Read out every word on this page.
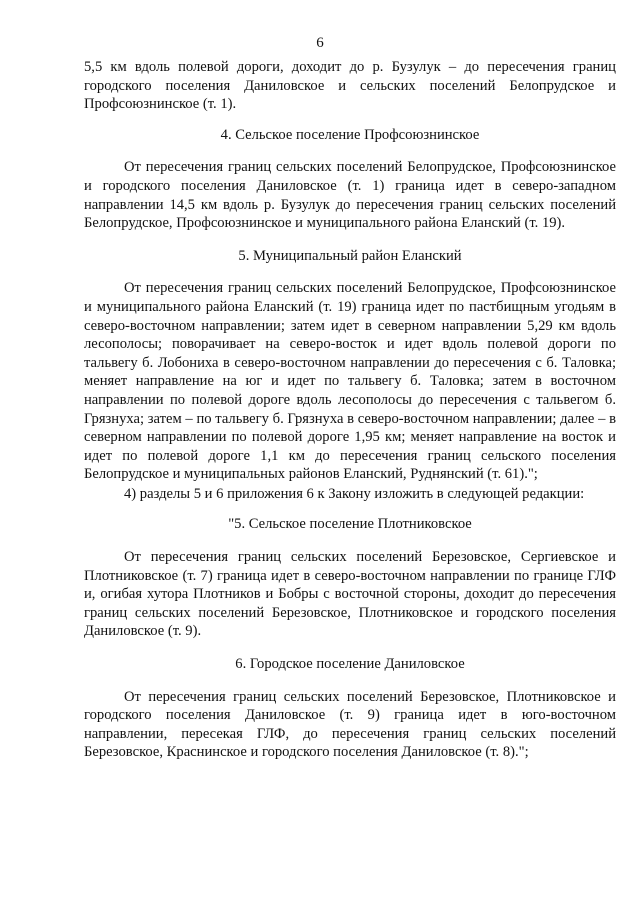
6

5,5 км вдоль полевой дороги, доходит до р. Бузулук – до пересечения границ городского поселения Даниловское и сельских поселений Белопрудское и Профсоюзнинское (т. 1).

4. Сельское поселение Профсоюзнинское

От пересечения границ сельских поселений Белопрудское, Профсоюзнинское и городского поселения Даниловское (т. 1) граница идет в северо-западном направлении 14,5 км вдоль р. Бузулук до пересечения границ сельских поселений Белопрудское, Профсоюзнинское и муниципального района Еланский (т. 19).

5. Муниципальный район Еланский

От пересечения границ сельских поселений Белопрудское, Профсоюзнинское и муниципального района Еланский (т. 19) граница идет по пастбищным угодьям в северо-восточном направлении; затем идет в северном направлении 5,29 км вдоль лесополосы; поворачивает на северо-восток и идет вдоль полевой дороги по тальвегу б. Лобониха в северо-восточном направлении до пересечения с б. Таловка; меняет направление на юг и идет по тальвегу б. Таловка; затем в восточном направлении по полевой дороге вдоль лесополосы до пересечения с тальвегом б. Грязнуха; затем – по тальвегу б. Грязнуха в северо-восточном направлении; далее – в северном направлении по полевой дороге 1,95 км; меняет направление на восток и идет по полевой дороге 1,1 км до пересечения границ сельского поселения Белопрудское и муниципальных районов Еланский, Руднянский (т. 61).";

4) разделы 5 и 6 приложения 6 к Закону изложить в следующей редакции:

"5. Сельское поселение Плотниковское

От пересечения границ сельских поселений Березовское, Сергиевское и Плотниковское (т. 7) граница идет в северо-восточном направлении по границе ГЛФ и, огибая хутора Плотников и Бобры с восточной стороны, доходит до пересечения границ сельских поселений Березовское, Плотниковское и городского поселения Даниловское (т. 9).

6. Городское поселение Даниловское

От пересечения границ сельских поселений Березовское, Плотниковское и городского поселения Даниловское (т. 9) граница идет в юго-восточном направлении, пересекая ГЛФ, до пересечения границ сельских поселений Березовское, Краснинское и городского поселения Даниловское (т. 8).";
